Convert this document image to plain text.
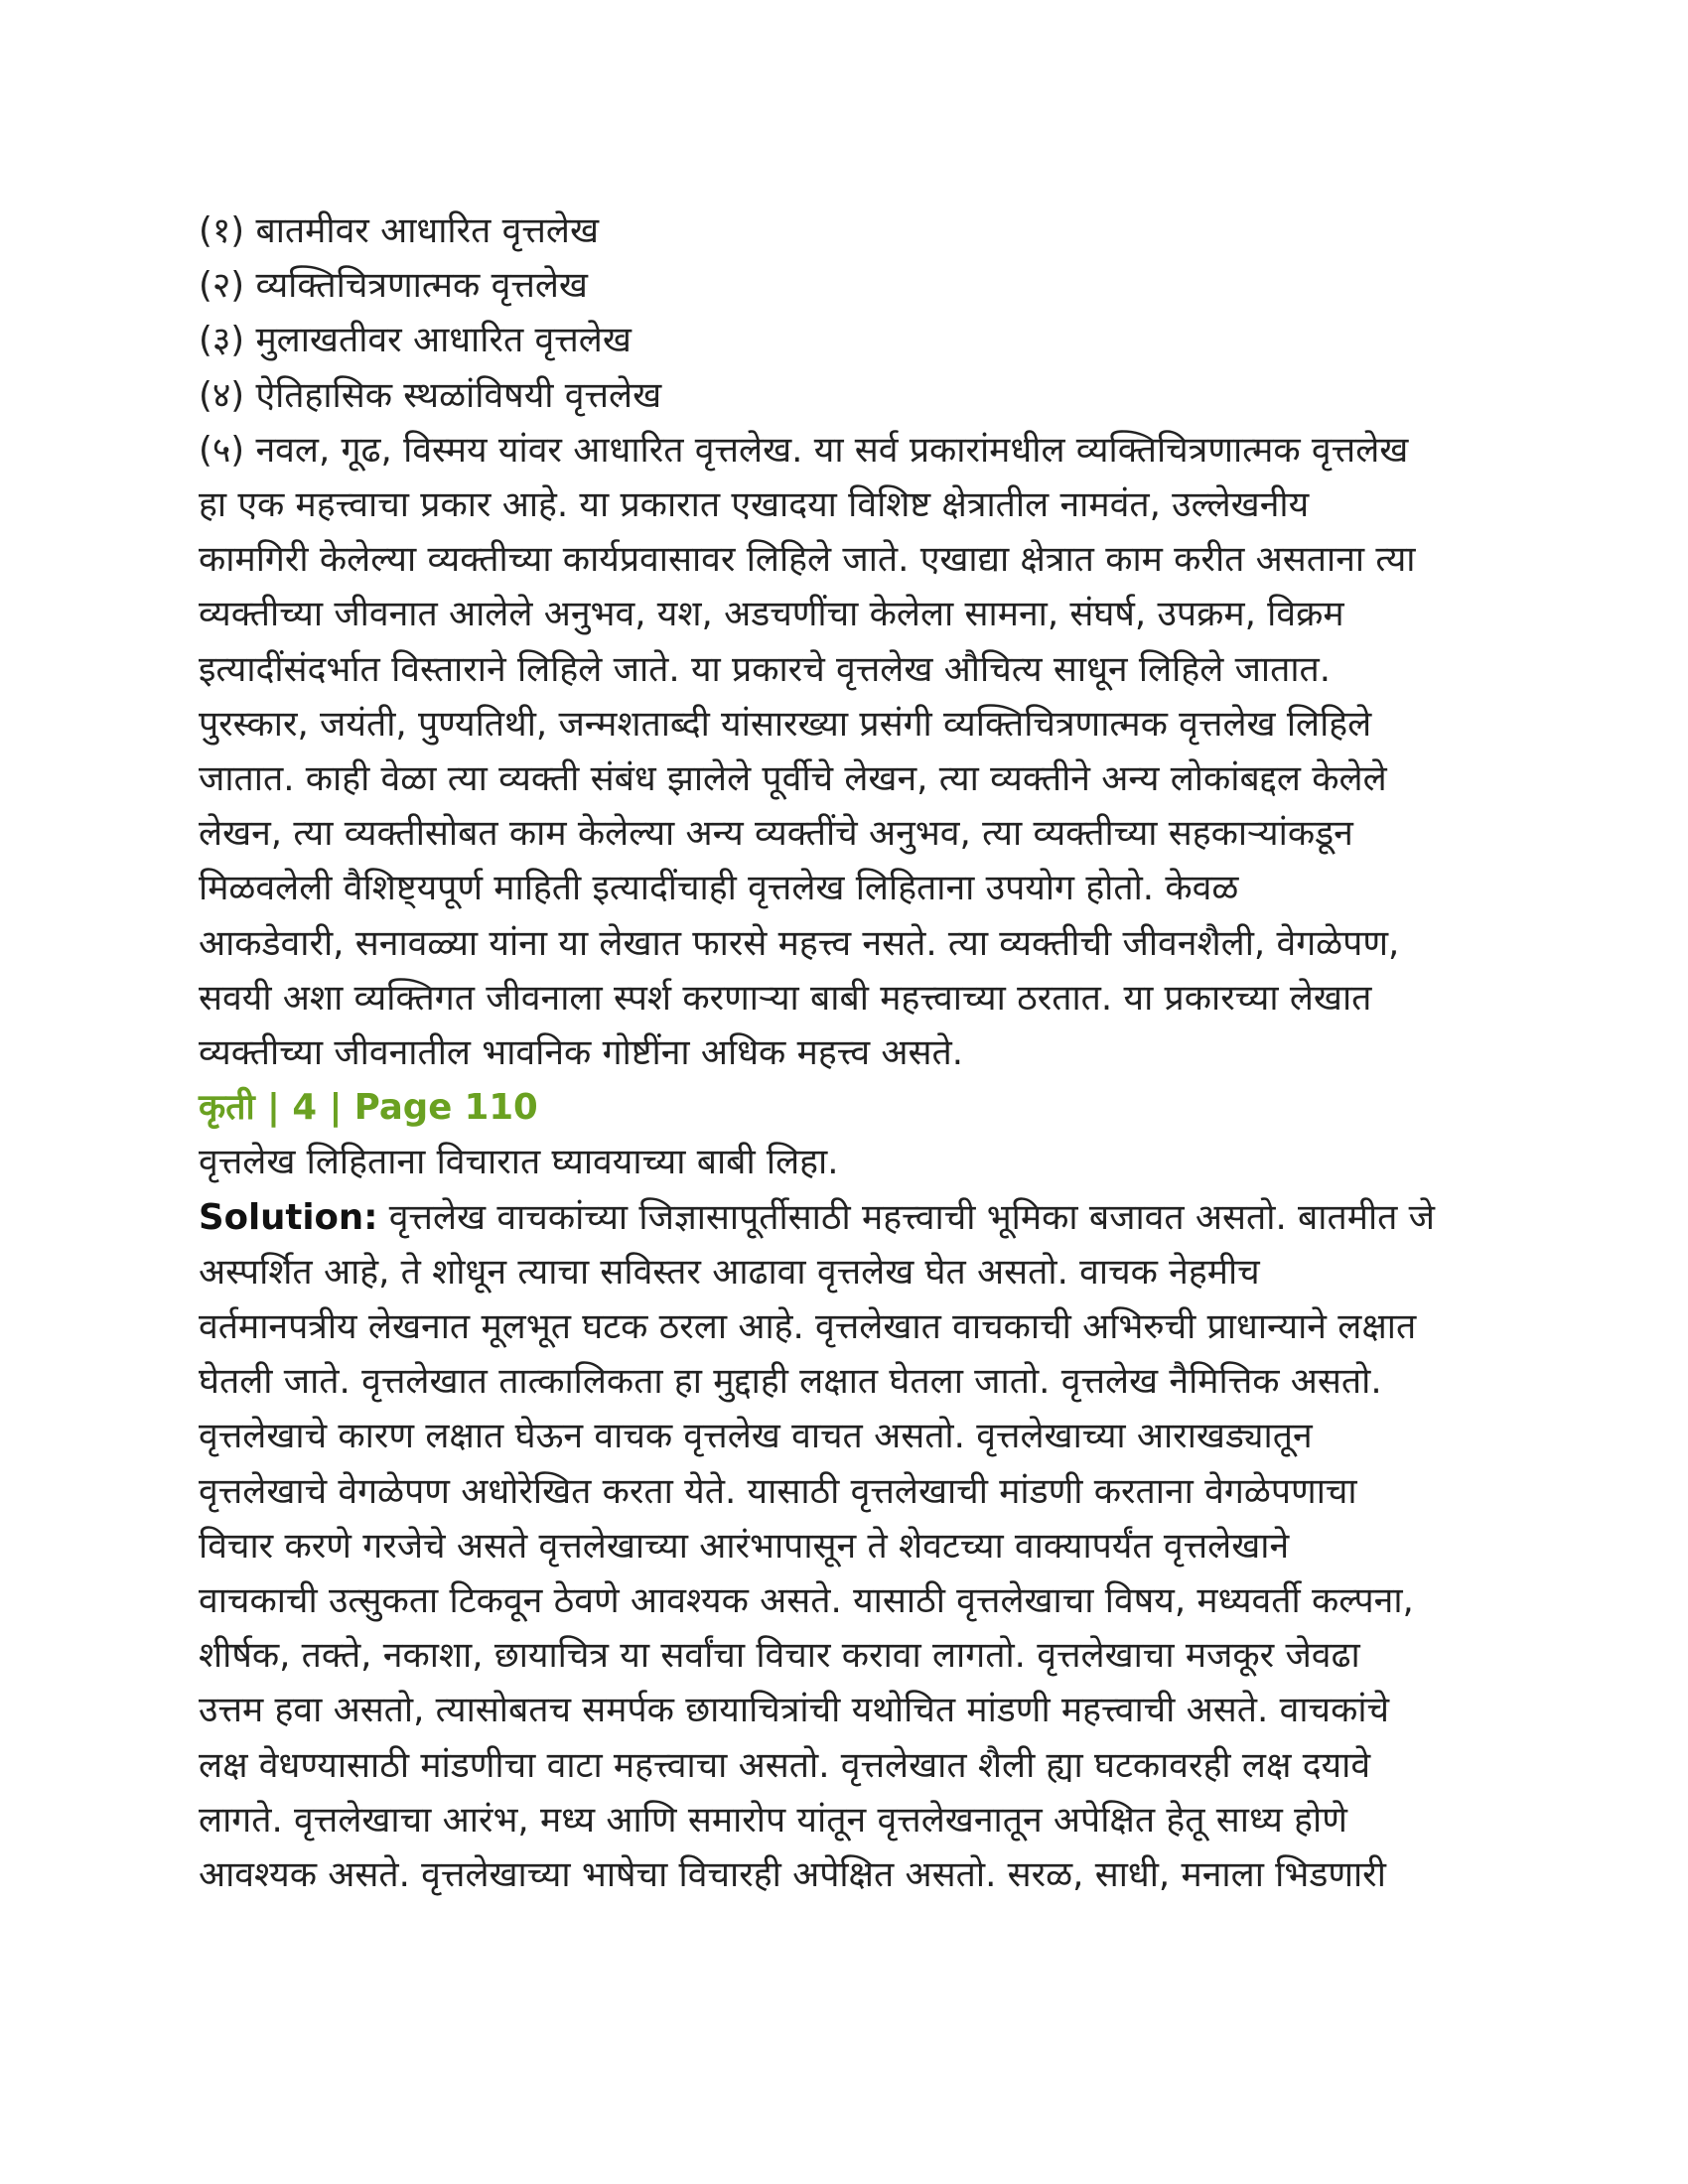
(१) बातमीवर आधारित वृत्तलेख
(२) व्यक्तिचित्रणात्मक वृत्तलेख
(३) मुलाखतीवर आधारित वृत्तलेख
(४) ऐतिहासिक स्थळांविषयी वृत्तलेख
(५) नवल, गूढ, विस्मय यांवर आधारित वृत्तलेख. या सर्व प्रकारांमधील व्यक्तिचित्रणात्मक वृत्तलेख
हा एक महत्त्वाचा प्रकार आहे. या प्रकारात एखादया विशिष्ट क्षेत्रातील नामवंत, उल्लेखनीय
कामगिरी केलेल्या व्यक्तीच्या कार्यप्रवासावर लिहिले जाते. एखाद्या क्षेत्रात काम करीत असताना त्या
व्यक्तीच्या जीवनात आलेले अनुभव, यश, अडचणींचा केलेला सामना, संघर्ष, उपक्रम, विक्रम
इत्यादींसंदर्भात विस्ताराने लिहिले जाते. या प्रकारचे वृत्तलेख औचित्य साधून लिहिले जातात.
पुरस्कार, जयंती, पुण्यतिथी, जन्मशताब्दी यांसारख्या प्रसंगी व्यक्तिचित्रणात्मक वृत्तलेख लिहिले
जातात. काही वेळा त्या व्यक्ती संबंध झालेले पूर्वीचे लेखन, त्या व्यक्तीने अन्य लोकांबद्दल केलेले
लेखन, त्या व्यक्तीसोबत काम केलेल्या अन्य व्यक्तींचे अनुभव, त्या व्यक्तीच्या सहकाऱ्यांकडून
मिळवलेली वैशिष्ट्यपूर्ण माहिती इत्यादींचाही वृत्तलेख लिहिताना उपयोग होतो. केवळ
आकडेवारी, सनावळ्या यांना या लेखात फारसे महत्त्व नसते. त्या व्यक्तीची जीवनशैली, वेगळेपण,
सवयी अशा व्यक्तिगत जीवनाला स्पर्श करणाऱ्या बाबी महत्त्वाच्या ठरतात. या प्रकारच्या लेखात
व्यक्तीच्या जीवनातील भावनिक गोष्टींना अधिक महत्त्व असते.
कृती | 4 | Page 110
वृत्तलेख लिहिताना विचारात घ्यावयाच्या बाबी लिहा.
Solution: वृत्तलेख वाचकांच्या जिज्ञासापूर्तीसाठी महत्त्वाची भूमिका बजावत असतो. बातमीत जे
अस्पर्शित आहे, ते शोधून त्याचा सविस्तर आढावा वृत्तलेख घेत असतो. वाचक नेहमीच
वर्तमानपत्रीय लेखनात मूलभूत घटक ठरला आहे. वृत्तलेखात वाचकाची अभिरुची प्राधान्याने लक्षात
घेतली जाते. वृत्तलेखात तात्कालिकता हा मुद्दाही लक्षात घेतला जातो. वृत्तलेख नैमित्तिक असतो.
वृत्तलेखाचे कारण लक्षात घेऊन वाचक वृत्तलेख वाचत असतो. वृत्तलेखाच्या आराखड्यातून
वृत्तलेखाचे वेगळेपण अधोरेखित करता येते. यासाठी वृत्तलेखाची मांडणी करताना वेगळेपणाचा
विचार करणे गरजेचे असते वृत्तलेखाच्या आरंभापासून ते शेवटच्या वाक्यापर्यंत वृत्तलेखाने
वाचकाची उत्सुकता टिकवून ठेवणे आवश्यक असते. यासाठी वृत्तलेखाचा विषय, मध्यवर्ती कल्पना,
शीर्षक, तक्ते, नकाशा, छायाचित्र या सर्वांचा विचार करावा लागतो. वृत्तलेखाचा मजकूर जेवढा
उत्तम हवा असतो, त्यासोबतच समर्पक छायाचित्रांची यथोचित मांडणी महत्त्वाची असते. वाचकांचे
लक्ष वेधण्यासाठी मांडणीचा वाटा महत्त्वाचा असतो. वृत्तलेखात शैली ह्या घटकावरही लक्ष दयावे
लागते. वृत्तलेखाचा आरंभ, मध्य आणि समारोप यांतून वृत्तलेखनातून अपेक्षित हेतू साध्य होणे
आवश्यक असते. वृत्तलेखाच्या भाषेचा विचारही अपेक्षित असतो. सरळ, साधी, मनाला भिडणारी
